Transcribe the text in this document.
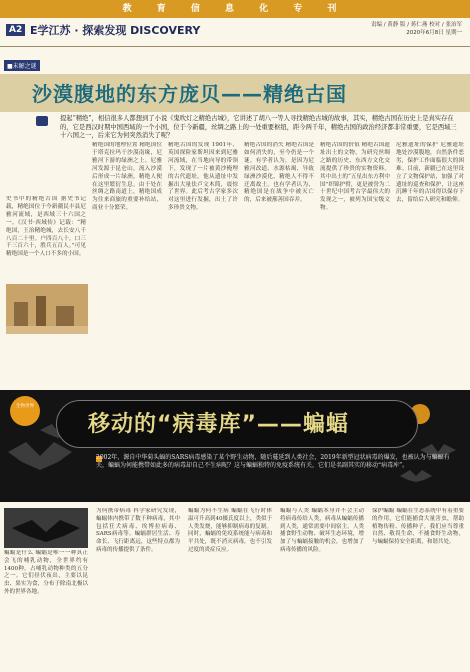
教 育 信 息 化 专 刊
A2 E学江苏 · 探索发现 DISCOVERY	责编 / 黄静 版 / 蒋仁燕 校对 / 张治军
2020年6月8日 星期一
■未解之谜
沙漠腹地的东方庞贝——精绝古国
提起“精绝”，相信很多人都想到了小说《鬼吹灯之精绝古城》，它讲述了胡八一等人寻找精绝古城的故事，其实，精绝古国在历史上是真实存在的，它是西汉时期中国西域的一个小国，位于今新疆，丝绸之路上的一处重要枢纽，距今两千年，精绝古国的政治经济都非常重要，它是西域三十六国之一，后来它为何突然消失了呢？
史书中的精绝古国 据史书记载，精绝国位于今新疆民丰县尼雅河流域，是西域三十六国之一。《汉书·西域传》记载：“精绝国，王治精绝城，去长安八千八百二十里。户四百八十，口三千三百六十，胜兵五百人。”可见精绝国是一个人口不多的小国。
精绝国的地理位置 精绝国位于塔克拉玛干沙漠南缘，尼雅河下游的绿洲之上。尼雅河发源于昆仑山，流入沙漠后形成一片绿洲，精绝人便在这里繁衍生息。由于处在丝绸之路南道上，精绝国成为往来商旅的重要补给站，商业十分繁荣。
精绝古国的发现 1901年，英国探险家斯坦因来到尼雅河流域，在当地向导的带领下，发现了一片被黄沙掩埋的古代遗址。他从遗址中发掘出大量佉卢文木简，震惊了世界。此后考古学家多次对这里进行发掘，出土了许多珍贵文物。
精绝古国的消失 精绝古国是如何消失的，至今仍是一个谜。有学者认为，是因为尼雅河改道、水源枯竭，导致绿洲沙漠化，精绝人不得不迁离故土。也有学者认为，精绝国是在战争中被灭亡的，后来被鄯善国吞并。
精绝古国的价值 精绝古国遗址出土的文物，为研究丝绸之路的历史、东西方文化交流提供了珍贵的实物资料。其中出土的“五星出东方利中国”织锦护臂，更是被誉为二十世纪中国考古学最伟大的发现之一，被列为国宝级文物。
尼雅遗址的保护 尼雅遗址地处沙漠腹地，自然条件恶劣，保护工作面临很大的困难。目前，新疆已在这里设立了文物保护站，加强了对遗址的巡查和保护，让这座沉睡千年的古国得以保存下去，留给后人研究和瞻仰。
生物世界
移动的“病毒库”——蝙蝠
2002年，源自中华菊头蝠的SARS病毒感染了某个野生动物，随后蔓延到人类社会，2019年新型冠状病毒的爆发，也被认为与蝙蝠有关，蝙蝠为何能携带如此多的病毒却自己不生病呢？这与蝙蝠独特的免疫系统有关，它们是名副其实的移动“病毒库”。
蝙蝠是什么 蝙蝠是唯一一种真正会飞的哺乳动物，全世界约有1400种，占哺乳动物种类的五分之一。它们昼伏夜出，主要以昆虫、果实为食，分布于除南北极以外的世界各地。
为何携带病毒 科学家研究发现，蝙蝠体内携带了数千种病毒，其中包括狂犬病毒、埃博拉病毒、SARS病毒等。蝙蝠群居生活、寿命长、飞行距离远，这些特点都为病毒的传播提供了条件。
蝙蝠为何不生病 蝙蝠在飞行时体温可升高到40摄氏度以上，类似于人类发烧，能够抑制病毒的复制。同时，蝙蝠的免疫系统能与病毒和平共处，既不消灭病毒，也不引发过度的炎症反应。
蝙蝠与人类 蝙蝠本身并不会主动将病毒传给人类，病毒从蝙蝠传播到人类，通常需要中间宿主。人类捕食野生动物、破坏生态环境，增加了与蝙蝠接触的机会，也增加了病毒传播的风险。
保护蝙蝠 蝙蝠在生态系统中有着重要的作用，它们能捕食大量害虫，帮助植物传粉、传播种子。我们应当尊重自然、敬畏生命，不捕食野生动物，与蝙蝠保持安全距离，和谐共处。
